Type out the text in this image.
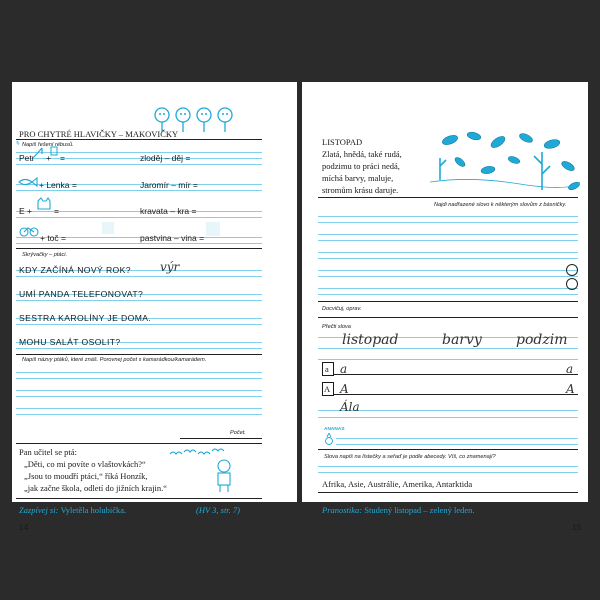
PRO CHYTRÉ HLAVIČKY – MAKOVIČKY
Napiš řešení rébusů.
✎
Petr + =	zloděj – děj =
+ Lenka =	Jaromír – mír =
E +	=	kravata – kra =
+ toč =	pastvina – vina =
Skrývačky – ptáci.
KDY ZAČÍNÁ NOVÝ ROK? výr
UMÍ PANDA TELEFONOVAT?
SESTRA KAROLÍNY JE DOMA.
MOHU SALÁT OSOLIT?
Napiš názvy ptáků, které znáš. Porovnej počet s kamarádkou/kamarádem.
Počet.
Pan učitel se ptá:
„Děti, co mi povíte o vlaštovkách?“
„Jsou to moudří ptáci,“ říká Honzík,
„jak začne škola, odletí do jižních krajin.“
Zazpívej si: Vyletěla holubička.	(HV 3, str. 7)
14
LISTOPAD
Zlatá, hnědá, také rudá,
podzimu to práci nedá,
míchá barvy, maluje,
stromům krásu daruje.
Najdi nadřazené slovo k některým slovům z básničky.
Docvičuj, oprav.
Přečti slova
listopad	barvy podzim
a a	a
A A	A
Ála
ANANAS
Slova napiš na lístečky a seřaď je podle abecedy. Víš, co znamenají?
Afrika, Asie, Austrálie, Amerika, Antarktida
Pranostika: Studený listopad – zelený leden.
15
